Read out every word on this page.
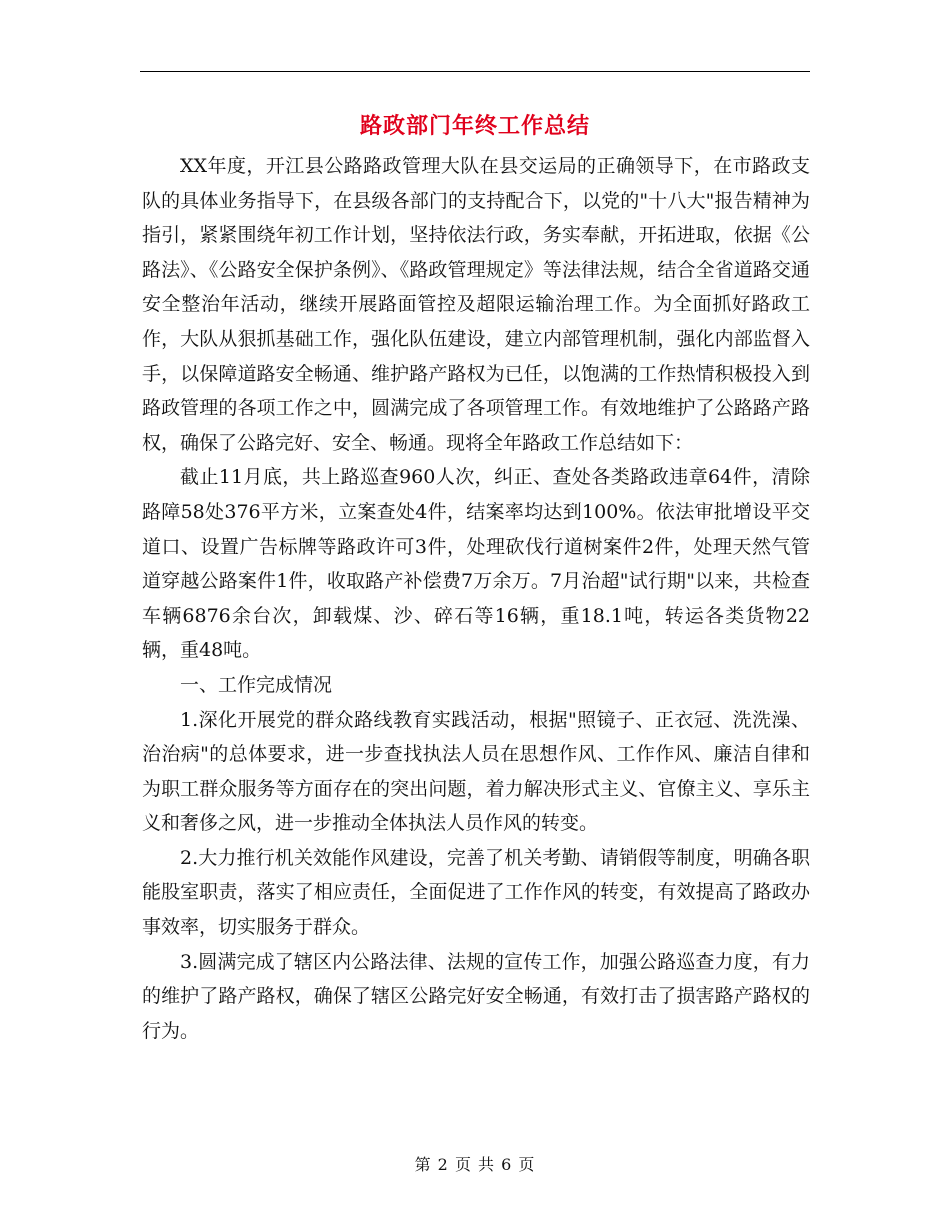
路政部门年终工作总结

XX年度，开江县公路路政管理大队在县交运局的正确领导下，在市路政支队的具体业务指导下，在县级各部门的支持配合下，以党的"十八大"报告精神为指引，紧紧围绕年初工作计划，坚持依法行政，务实奉献，开拓进取，依据《公路法》、《公路安全保护条例》、《路政管理规定》等法律法规，结合全省道路交通安全整治年活动，继续开展路面管控及超限运输治理工作。为全面抓好路政工作，大队从狠抓基础工作，强化队伍建设，建立内部管理机制，强化内部监督入手，以保障道路安全畅通、维护路产路权为已任，以饱满的工作热情积极投入到路政管理的各项工作之中，圆满完成了各项管理工作。有效地维护了公路路产路权，确保了公路完好、安全、畅通。现将全年路政工作总结如下：

截止11月底，共上路巡查960人次，纠正、查处各类路政违章64件，清除路障58处376平方米，立案查处4件，结案率均达到100%。依法审批增设平交道口、设置广告标牌等路政许可3件，处理砍伐行道树案件2件，处理天然气管道穿越公路案件1件，收取路产补偿费7万余万。7月治超"试行期"以来，共检查车辆6876余台次，卸载煤、沙、碎石等16辆，重18.1吨，转运各类货物22辆，重48吨。

一、工作完成情况

1.深化开展党的群众路线教育实践活动，根据"照镜子、正衣冠、洗洗澡、治治病"的总体要求，进一步查找执法人员在思想作风、工作作风、廉洁自律和为职工群众服务等方面存在的突出问题，着力解决形式主义、官僚主义、享乐主义和奢侈之风，进一步推动全体执法人员作风的转变。

2.大力推行机关效能作风建设，完善了机关考勤、请销假等制度，明确各职能股室职责，落实了相应责任，全面促进了工作作风的转变，有效提高了路政办事效率，切实服务于群众。

3.圆满完成了辖区内公路法律、法规的宣传工作，加强公路巡查力度，有力的维护了路产路权，确保了辖区公路完好安全畅通，有效打击了损害路产路权的行为。

第 2 页 共 6 页
